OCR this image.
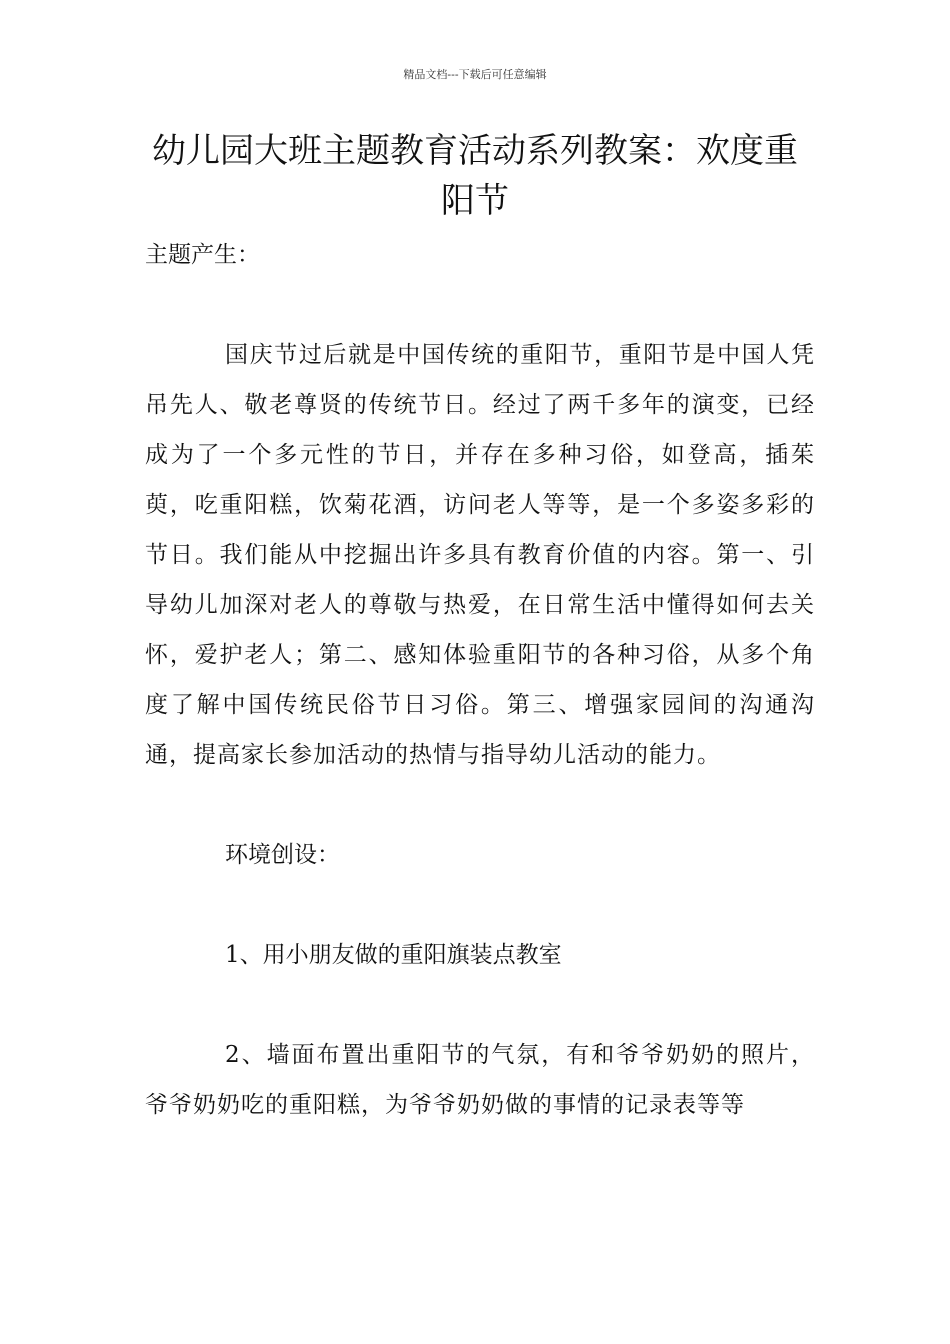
精品文档---下载后可任意编辑
幼儿园大班主题教育活动系列教案：欢度重阳节

主题产生：

国庆节过后就是中国传统的重阳节，重阳节是中国人凭吊先人、敬老尊贤的传统节日。经过了两千多年的演变，已经成为了一个多元性的节日，并存在多种习俗，如登高，插茱萸，吃重阳糕，饮菊花酒，访问老人等等，是一个多姿多彩的节日。我们能从中挖掘出许多具有教育价值的内容。第一、引导幼儿加深对老人的尊敬与热爱，在日常生活中懂得如何去关怀，爱护老人；第二、感知体验重阳节的各种习俗，从多个角度了解中国传统民俗节日习俗。第三、增强家园间的沟通沟通，提高家长参加活动的热情与指导幼儿活动的能力。

环境创设：

1、用小朋友做的重阳旗装点教室

2、墙面布置出重阳节的气氛，有和爷爷奶奶的照片，爷爷奶奶吃的重阳糕，为爷爷奶奶做的事情的记录表等等
